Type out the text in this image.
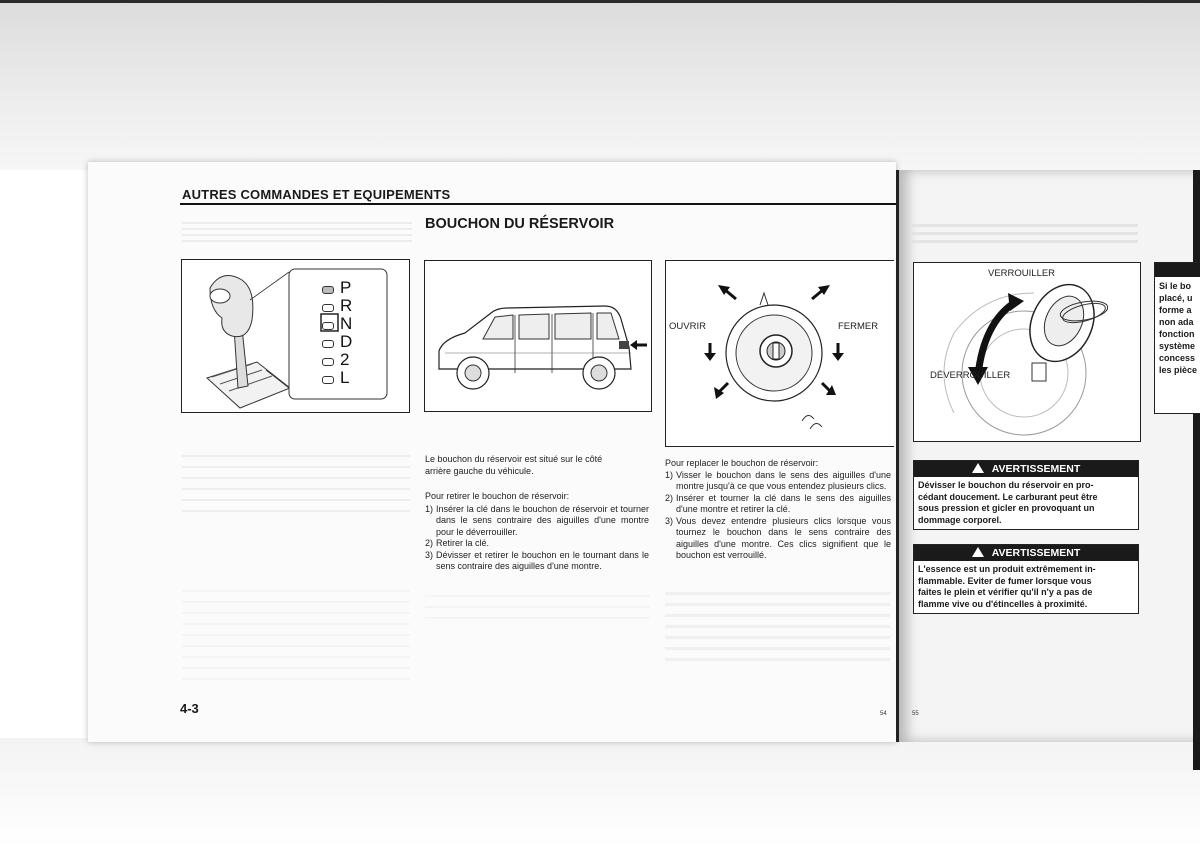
AUTRES COMMANDES ET EQUIPEMENTS
BOUCHON DU RÉSERVOIR
P
R
N
D
2
L
OUVRIR	FERMER
Le bouchon du réservoir est situé sur le côté
arrière gauche du véhicule.
Pour retirer le bouchon de réservoir:
1) Insérer la clé dans le bouchon de réservoir et tourner dans le sens contraire des aiguilles d'une montre pour le déverrouiller.
2) Retirer la clé.
3) Dévisser et retirer le bouchon en le tournant dans le sens contraire des aiguilles d'une montre.
Pour replacer le bouchon de réservoir:
1) Visser le bouchon dans le sens des aiguilles d'une montre jusqu'à ce que vous entendez plusieurs clics.
2) Insérer et tourner la clé dans le sens des aiguilles d'une montre et retirer la clé.
3) Vous devez entendre plusieurs clics lorsque vous tournez le bouchon dans le sens contraire des aiguilles d'une montre. Ces clics signifient que le bouchon est verrouillé.
4-3	54
VERROUILLER
DÉVERROUILLER
Si le bo
placé, u
forme a
non ada
fonction
système
concess
les pièce
AVERTISSEMENT
Dévisser le bouchon du réservoir en pro-
cédant doucement. Le carburant peut être
sous pression et gicler en provoquant un
dommage corporel.
AVERTISSEMENT
L'essence est un produit extrêmement in-
flammable. Eviter de fumer lorsque vous
faites le plein et vérifier qu'il n'y a pas de
flamme vive ou d'étincelles à proximité.
55
